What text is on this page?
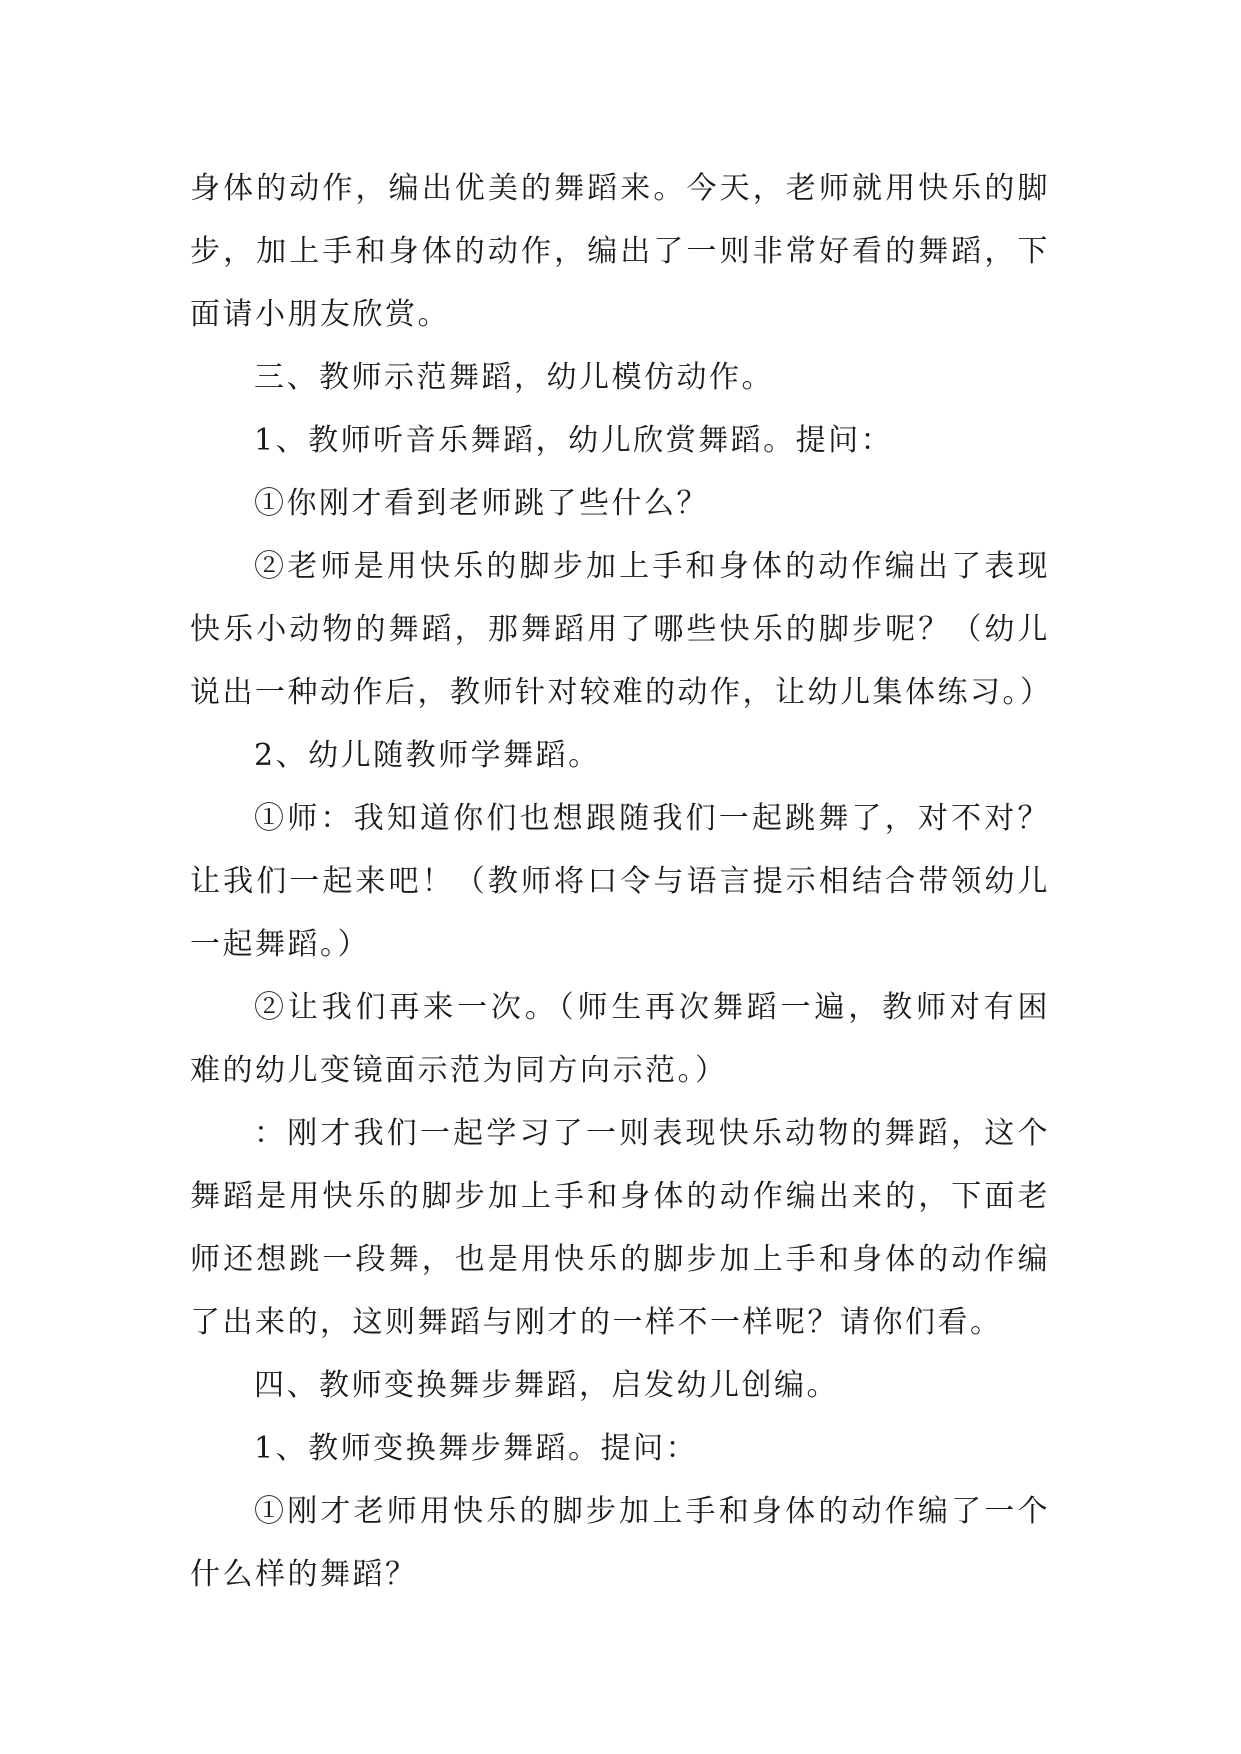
身体的动作，编出优美的舞蹈来。今天，老师就用快乐的脚步，加上手和身体的动作，编出了一则非常好看的舞蹈，下面请小朋友欣赏。

三、教师示范舞蹈，幼儿模仿动作。

1、教师听音乐舞蹈，幼儿欣赏舞蹈。提问：

①你刚才看到老师跳了些什么？

②老师是用快乐的脚步加上手和身体的动作编出了表现快乐小动物的舞蹈，那舞蹈用了哪些快乐的脚步呢？（幼儿说出一种动作后，教师针对较难的动作，让幼儿集体练习。）

2、幼儿随教师学舞蹈。

①师：我知道你们也想跟随我们一起跳舞了，对不对？让我们一起来吧！（教师将口令与语言提示相结合带领幼儿一起舞蹈。）

②让我们再来一次。（师生再次舞蹈一遍，教师对有困难的幼儿变镜面示范为同方向示范。）

：刚才我们一起学习了一则表现快乐动物的舞蹈，这个舞蹈是用快乐的脚步加上手和身体的动作编出来的，下面老师还想跳一段舞，也是用快乐的脚步加上手和身体的动作编了出来的，这则舞蹈与刚才的一样不一样呢？请你们看。

四、教师变换舞步舞蹈，启发幼儿创编。

1、教师变换舞步舞蹈。提问：

①刚才老师用快乐的脚步加上手和身体的动作编了一个什么样的舞蹈？
